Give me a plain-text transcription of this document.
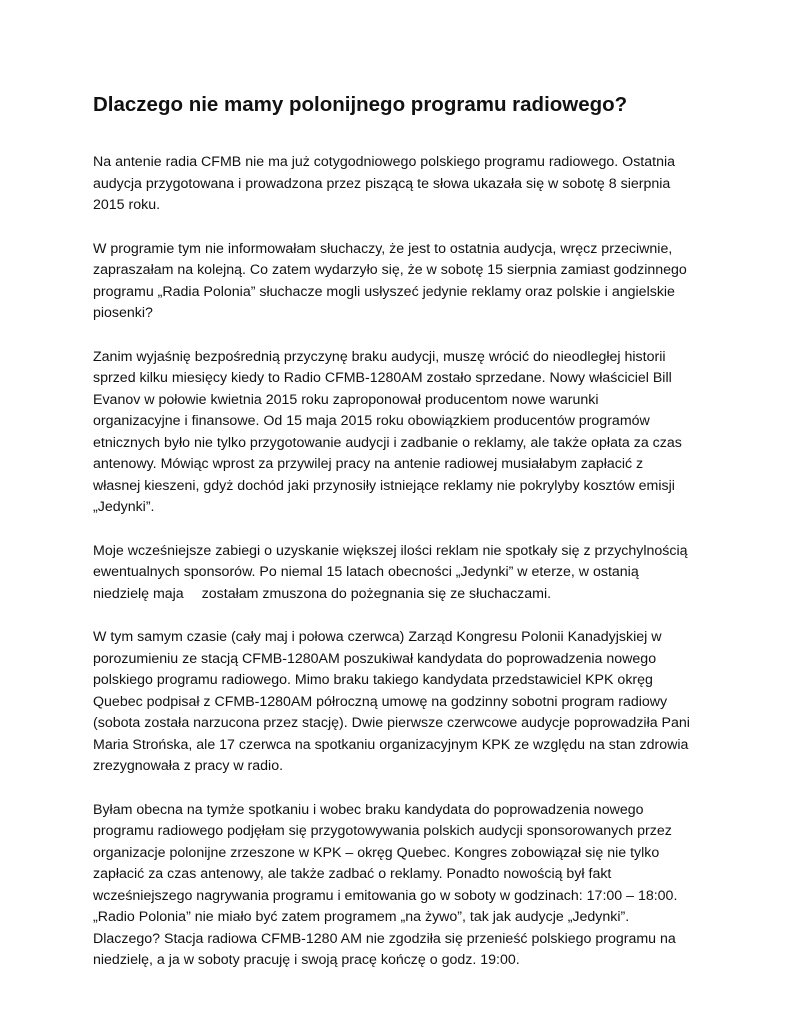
Dlaczego nie mamy polonijnego programu radiowego?

Na antenie radia CFMB nie ma już cotygodniowego polskiego programu radiowego. Ostatnia
audycja przygotowana i prowadzona przez piszącą te słowa ukazała się w sobotę 8 sierpnia
2015 roku.

W programie tym nie informowałam słuchaczy, że jest to ostatnia audycja, wręcz przeciwnie,
zapraszałam na kolejną. Co zatem wydarzyło się, że w sobotę 15 sierpnia zamiast godzinnego
programu „Radia Polonia” słuchacze mogli usłyszeć jedynie reklamy oraz polskie i angielskie
piosenki?

Zanim wyjaśnię bezpośrednią przyczynę braku audycji, muszę wrócić do nieodległej historii
sprzed kilku miesięcy kiedy to Radio CFMB-1280AM zostało sprzedane. Nowy właściciel Bill
Evanov w połowie kwietnia 2015 roku zaproponował producentom nowe warunki
organizacyjne i finansowe. Od 15 maja 2015 roku obowiązkiem producentów programów
etnicznych było nie tylko przygotowanie audycji i zadbanie o reklamy, ale także opłata za czas
antenowy. Mówiąc wprost za przywilej pracy na antenie radiowej musiałabym zapłacić z
własnej kieszeni, gdyż dochód jaki przynosiły istniejące reklamy nie pokrylyby kosztów emisji
„Jedynki”.

Moje wcześniejsze zabiegi o uzyskanie większej ilości reklam nie spotkały się z przychylnością
ewentualnych sponsorów. Po niemal 15 latach obecności „Jedynki” w eterze, w ostanią
niedzielę maja zostałam zmuszona do pożegnania się ze słuchaczami.

W tym samym czasie (cały maj i połowa czerwca) Zarząd Kongresu Polonii Kanadyjskiej w
porozumieniu ze stacją CFMB-1280AM poszukiwał kandydata do poprowadzenia nowego
polskiego programu radiowego. Mimo braku takiego kandydata przedstawiciel KPK okręg
Quebec podpisał z CFMB-1280AM półroczną umowę na godzinny sobotni program radiowy
(sobota została narzucona przez stację). Dwie pierwsze czerwcowe audycje poprowadziła Pani
Maria Strońska, ale 17 czerwca na spotkaniu organizacyjnym KPK ze względu na stan zdrowia
zrezygnowała z pracy w radio.

Byłam obecna na tymże spotkaniu i wobec braku kandydata do poprowadzenia nowego
programu radiowego podjęłam się przygotowywania polskich audycji sponsorowanych przez
organizacje polonijne zrzeszone w KPK – okręg Quebec. Kongres zobowiązał się nie tylko
zapłacić za czas antenowy, ale także zadbać o reklamy. Ponadto nowością był fakt
wcześniejszego nagrywania programu i emitowania go w soboty w godzinach: 17:00 – 18:00.
„Radio Polonia” nie miało być zatem programem „na żywo”, tak jak audycje „Jedynki”.
Dlaczego? Stacja radiowa CFMB-1280 AM nie zgodziła się przenieść polskiego programu na
niedzielę, a ja w soboty pracuję i swoją pracę kończę o godz. 19:00.
